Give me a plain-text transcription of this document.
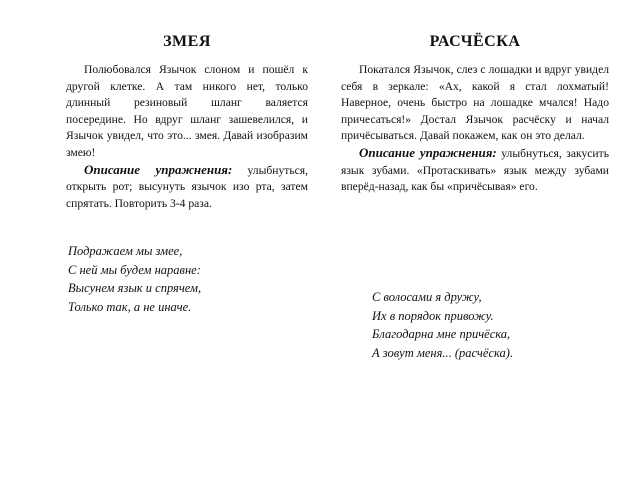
ЗМЕЯ

Полюбовался Язычок слоном и пошёл к другой клетке. А там никого нет, только длинный резиновый шланг валяется посередине. Но вдруг шланг зашевелился, и Язычок увидел, что это... змея. Давай изобразим змею!

Описание упражнения: улыбнуться, открыть рот; высунуть язычок изо рта, затем спрятать. Повторить 3-4 раза.

Подражаем мы змее,
С ней мы будем наравне:
Высунем язык и спрячем,
Только так, а не иначе.
РАСЧЁСКА

Покатался Язычок, слез с лошадки и вдруг увидел себя в зеркале: «Ах, какой я стал лохматый! Наверное, очень быстро на лошадке мчался! Надо причесаться!» Достал Язычок расчёску и начал причёсываться. Давай покажем, как он это делал.

Описание упражнения: улыбнуться, закусить язык зубами. «Протаскивать» язык между зубами вперёд-назад, как бы «причёсывая» его.

С волосами я дружу,
Их в порядок привожу.
Благодарна мне причёска,
А зовут меня... (расчёска).
